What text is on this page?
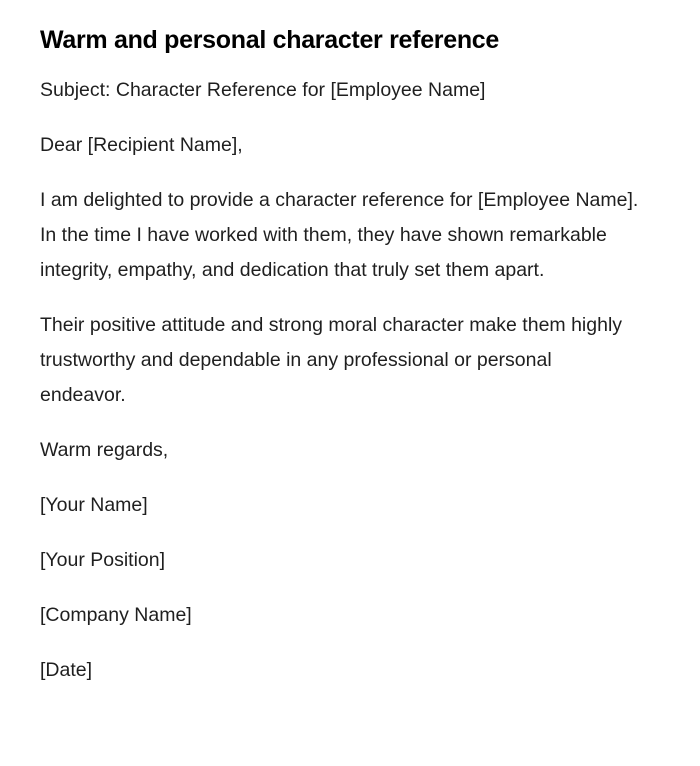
Warm and personal character reference

Subject: Character Reference for [Employee Name]

Dear [Recipient Name],

I am delighted to provide a character reference for [Employee Name]. In the time I have worked with them, they have shown remarkable integrity, empathy, and dedication that truly set them apart.

Their positive attitude and strong moral character make them highly trustworthy and dependable in any professional or personal endeavor.

Warm regards,

[Your Name]

[Your Position]

[Company Name]

[Date]
